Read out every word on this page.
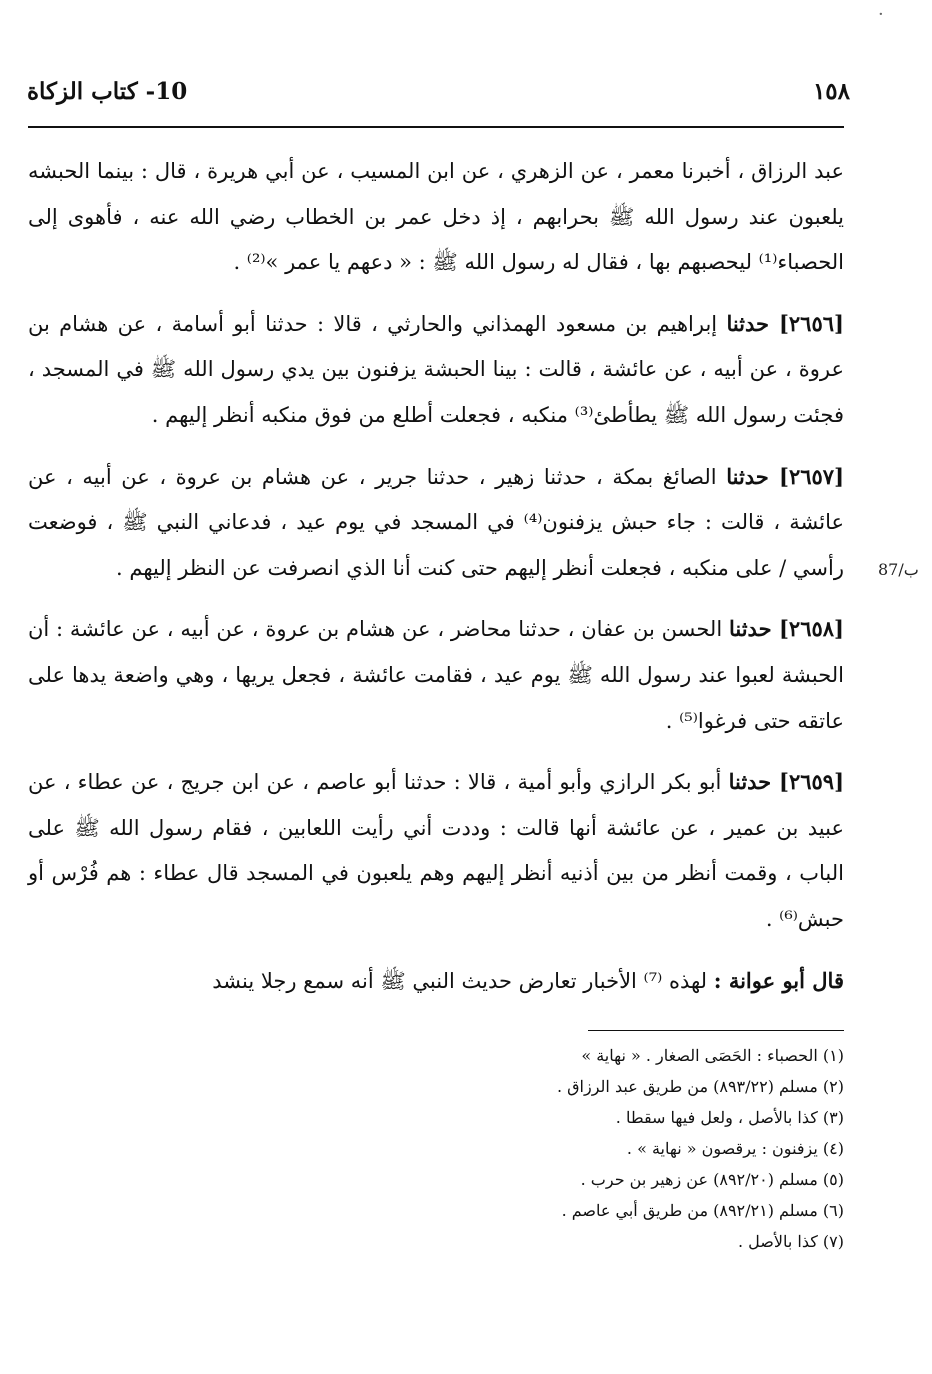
·
١٥٨
10- كتاب الزكاة

عبد الرزاق ، أخبرنا معمر ، عن الزهري ، عن ابن المسيب ، عن أبي هريرة ، قال : بينما الحبشه يلعبون عند رسول الله ﷺ بحرابهم ، إذ دخل عمر بن الخطاب رضي الله عنه ، فأهوى إلى الحصباء⁽¹⁾ ليحصبهم بها ، فقال له رسول الله ﷺ : « دعهم يا عمر »⁽²⁾ .

[٢٦٥٦] حدثنا إبراهيم بن مسعود الهمذاني والحارثي ، قالا : حدثنا أبو أسامة ، عن هشام بن عروة ، عن أبيه ، عن عائشة ، قالت : بينا الحبشة يزفنون بين يدي رسول الله ﷺ في المسجد ، فجئت رسول الله ﷺ يطأطئ⁽³⁾ منكبه ، فجعلت أطلع من فوق منكبه أنظر إليهم .

[٢٦٥٧] حدثنا الصائغ بمكة ، حدثنا زهير ، حدثنا جرير ، عن هشام بن عروة ، عن أبيه ، عن عائشة ، قالت : جاء حبش يزفنون⁽⁴⁾ في المسجد في يوم عيد ، فدعاني النبي ﷺ ، فوضعت رأسي / على منكبه ، فجعلت أنظر إليهم حتى كنت أنا الذي انصرفت عن النظر إليهم .

[٢٦٥٨] حدثنا الحسن بن عفان ، حدثنا محاضر ، عن هشام بن عروة ، عن أبيه ، عن عائشة : أن الحبشة لعبوا عند رسول الله ﷺ يوم عيد ، فقامت عائشة ، فجعل يريها ، وهي واضعة يدها على عاتقه حتى فرغوا⁽⁵⁾ .

[٢٦٥٩] حدثنا أبو بكر الرازي وأبو أمية ، قالا : حدثنا أبو عاصم ، عن ابن جريج ، عن عطاء ، عن عبيد بن عمير ، عن عائشة أنها قالت : وددت أني رأيت اللعابين ، فقام رسول الله ﷺ على الباب ، وقمت أنظر من بين أذنيه أنظر إليهم وهم يلعبون في المسجد قال عطاء : هم فُرْس أو حبش⁽⁶⁾ .

قال أبو عوانة : لهذه ⁽⁷⁾ الأخبار تعارض حديث النبي ﷺ أنه سمع رجلا ينشد

87/ب
(١) الحصباء : الحَصَى الصغار . « نهاية »
(٢) مسلم (٨٩٣/٢٢) من طريق عبد الرزاق .
(٣) كذا بالأصل ، ولعل فيها سقطا .
(٤) يزفنون : يرقصون « نهاية » .
(٥) مسلم (٨٩٢/٢٠) عن زهير بن حرب .
(٦) مسلم (٨٩٢/٢١) من طريق أبي عاصم .
(٧) كذا بالأصل .
